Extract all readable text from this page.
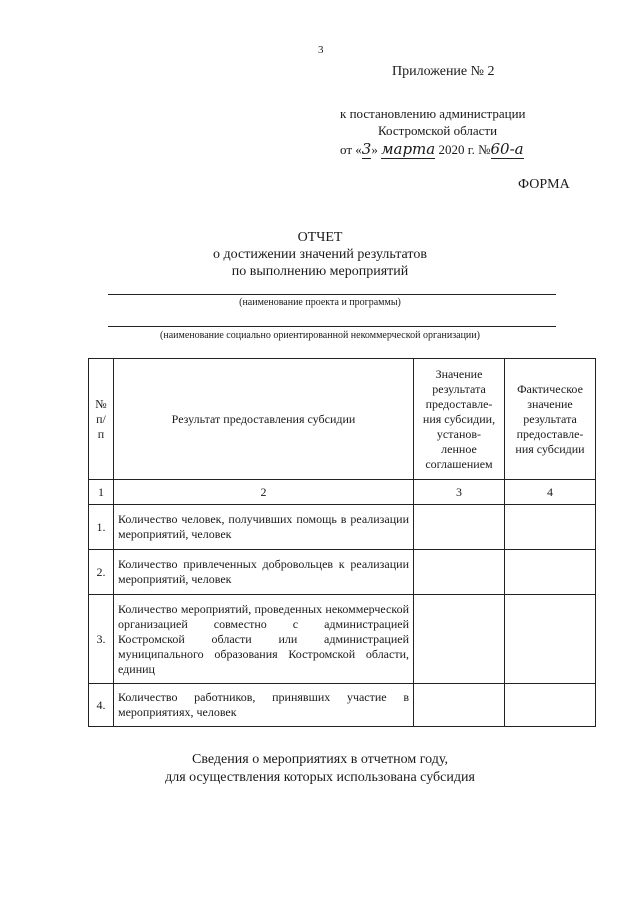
3
Приложение № 2
к постановлению администрации
Костромской области
от «3» марта 2020 г. №60-а
ФОРМА
ОТЧЕТ
о достижении значений результатов
по выполнению мероприятий
(наименование проекта и программы)
(наименование социально ориентированной некоммерческой организации)
№ п/п	Результат предоставления субсидии	Значение результата предоставле- ния субсидии, установ- ленное соглашением	Фактическое значение результата предоставле- ния субсидии
1	2	3	4
1.	Количество человек, получивших помощь в реализации мероприятий, человек		
2.	Количество привлеченных добровольцев к реализации мероприятий, человек		
3.	Количество мероприятий, проведенных некоммерческой организацией совместно с администрацией Костромской области или администрацией муниципального образования Костромской области, единиц		
4.	Количество работников, принявших участие в мероприятиях, человек		
Сведения о мероприятиях в отчетном году,
для осуществления которых использована субсидия
